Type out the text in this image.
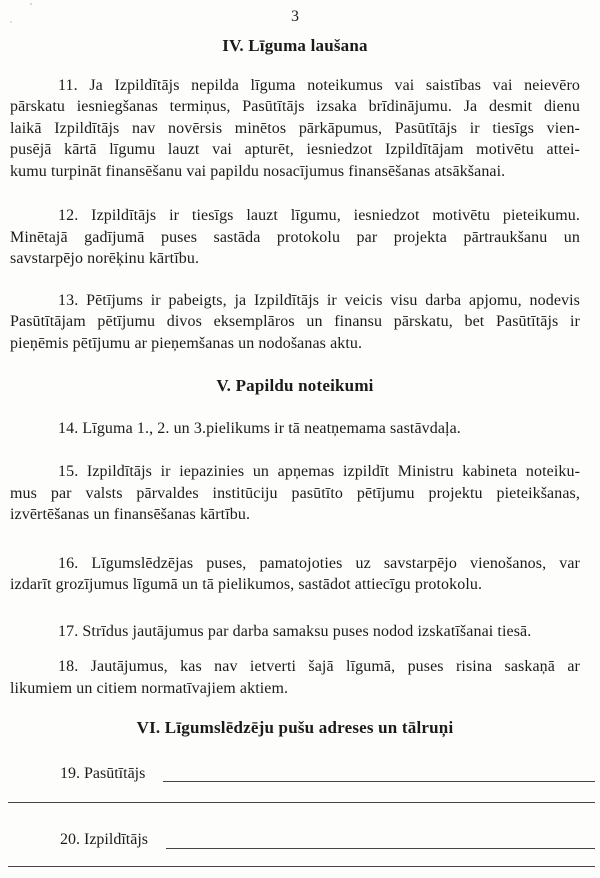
3
IV. Līguma laušana
11. Ja Izpildītājs nepilda līguma noteikumus vai saistības vai neievēro
pārskatu iesniegšanas termiņus, Pasūtītājs izsaka brīdinājumu. Ja desmit dienu
laikā Izpildītājs nav novērsis minētos pārkāpumus, Pasūtītājs ir tiesīgs vien-
pusējā kārtā līgumu lauzt vai apturēt, iesniedzot Izpildītājam motivētu attei-
kumu turpināt finansēšanu vai papildu nosacījumus finansēšanas atsākšanai.
12. Izpildītājs ir tiesīgs lauzt līgumu, iesniedzot motivētu pieteikumu.
Minētajā gadījumā puses sastāda protokolu par projekta pārtraukšanu un
savstarpējo norēķinu kārtību.
13. Pētījums ir pabeigts, ja Izpildītājs ir veicis visu darba apjomu, nodevis
Pasūtītājam pētījumu divos eksemplāros un finansu pārskatu, bet Pasūtītājs ir
pieņēmis pētījumu ar pieņemšanas un nodošanas aktu.
V. Papildu noteikumi
14. Līguma 1., 2. un 3.pielikums ir tā neatņemama sastāvdaļa.
15. Izpildītājs ir iepazinies un apņemas izpildīt Ministru kabineta noteiku-
mus par valsts pārvaldes institūciju pasūtīto pētījumu projektu pieteikšanas,
izvērtēšanas un finansēšanas kārtību.
16. Līgumslēdzējas puses, pamatojoties uz savstarpējo vienošanos, var
izdarīt grozījumus līgumā un tā pielikumos, sastādot attiecīgu protokolu.
17. Strīdus jautājumus par darba samaksu puses nodod izskatīšanai tiesā.
18. Jautājumus, kas nav ietverti šajā līgumā, puses risina saskaņā ar
likumiem un citiem normatīvajiem aktiem.
VI. Līgumslēdzēju pušu adreses un tālruņi
19. Pasūtītājs
20. Izpildītājs
